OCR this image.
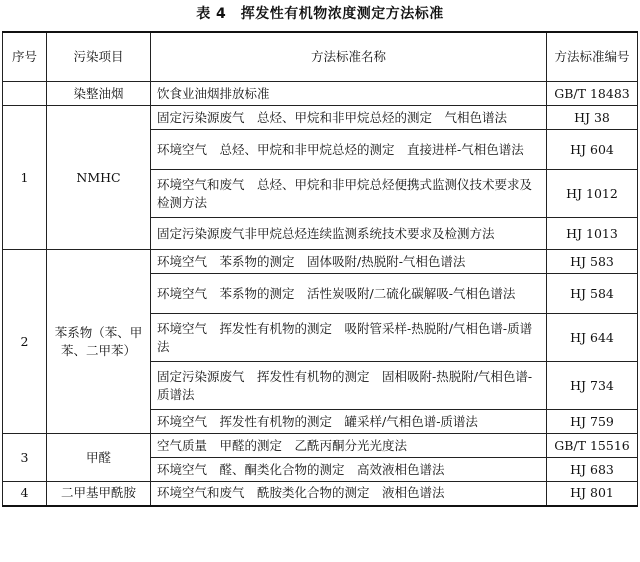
表 4　挥发性有机物浓度测定方法标准
序号	污染项目	方法标准名称	方法标准编号
	染整油烟	饮食业油烟排放标准	GB/T 18483
1	NMHC	固定污染源废气　总烃、甲烷和非甲烷总烃的测定　气相色谱法	HJ 38
		环境空气　总烃、甲烷和非甲烷总烃的测定　直接进样-气相色谱法	HJ 604
		环境空气和废气　总烃、甲烷和非甲烷总烃便携式监测仪技术要求及检测方法	HJ 1012
		固定污染源废气非甲烷总烃连续监测系统技术要求及检测方法	HJ 1013
2	苯系物（苯、甲苯、二甲苯）	环境空气　苯系物的测定　固体吸附/热脱附-气相色谱法	HJ 583
		环境空气　苯系物的测定　活性炭吸附/二硫化碳解吸-气相色谱法	HJ 584
		环境空气　挥发性有机物的测定　吸附管采样-热脱附/气相色谱-质谱法	HJ 644
		固定污染源废气　挥发性有机物的测定　固相吸附-热脱附/气相色谱-质谱法	HJ 734
		环境空气　挥发性有机物的测定　罐采样/气相色谱-质谱法	HJ 759
3	甲醛	空气质量　甲醛的测定　乙酰丙酮分光光度法	GB/T 15516
		环境空气　醛、酮类化合物的测定　高效液相色谱法	HJ 683
4	二甲基甲酰胺	环境空气和废气　酰胺类化合物的测定　液相色谱法	HJ 801
